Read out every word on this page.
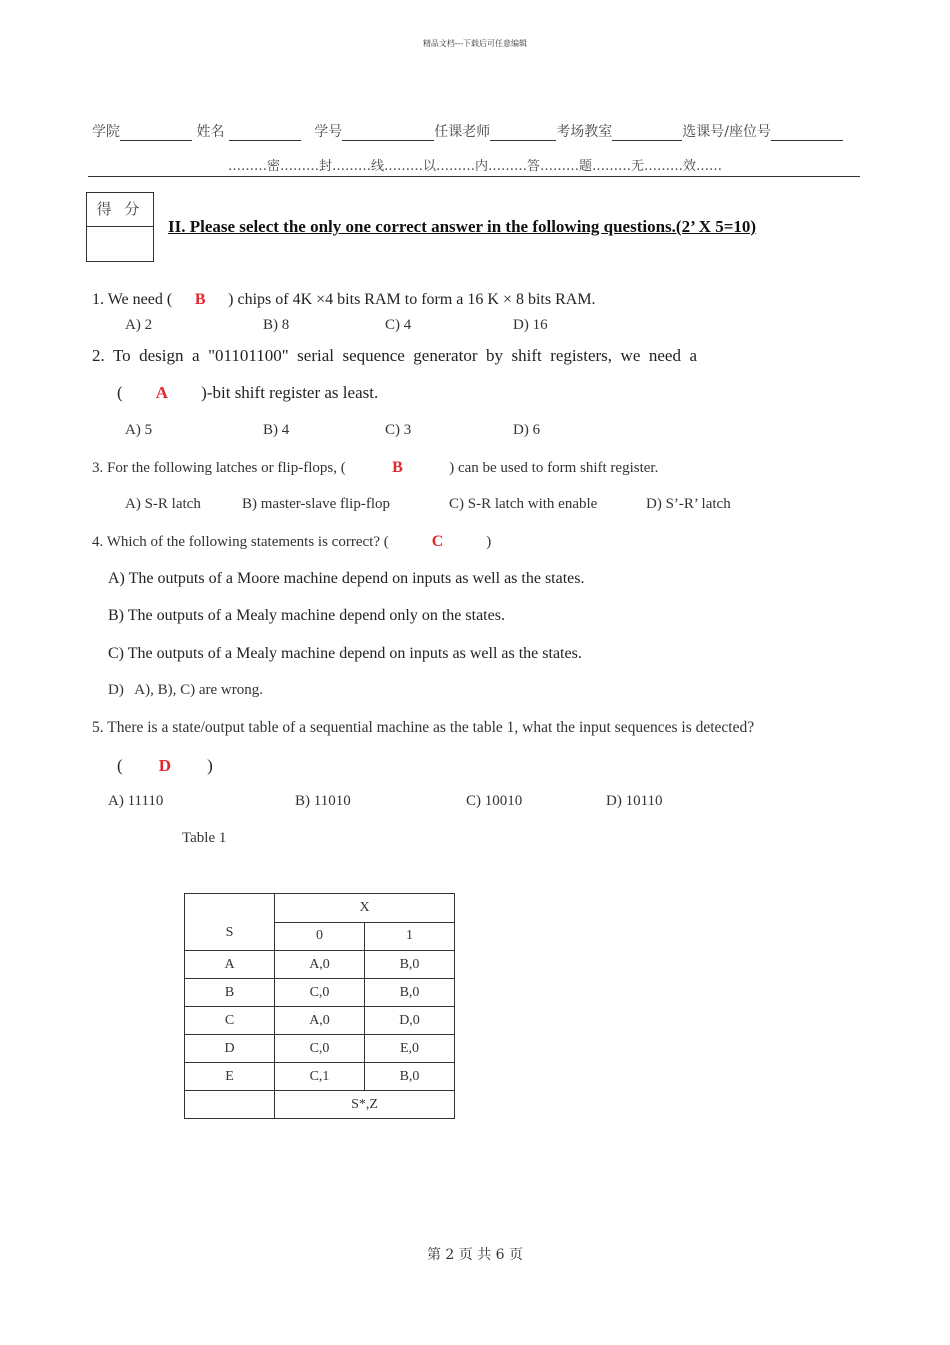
精品文档---下载后可任意编辑
学院	姓名	学号	任课老师	考场教室	选课号/座位号
………密………封………线………以………内………答………题………无………效……
得 分
II. Please select the only one correct answer in the following questions.(2’ X 5=10)
1. We need ( B ) chips of 4K ×4 bits RAM to form a 16 K × 8 bits RAM.
A) 2	B) 8	C) 4	D) 16
2.  To  design  a  "01101100"  serial  sequence  generator  by  shift  registers,  we  need  a
( A )-bit shift register as least.
A) 5	B) 4	C) 3	D) 6
3. For the following latches or flip-flops, (	B	) can be used to form shift register.
A) S-R latch	B) master-slave flip-flop	C) S-R latch with enable	D) S’-R’ latch
4. Which of the following statements is correct? (	C	)
A) The outputs of a Moore machine depend on inputs as well as the states.
B) The outputs of a Mealy machine depend only on the states.
C) The outputs of a Mealy machine depend on inputs as well as the states.
D)   A), B), C) are wrong.
5. There is a state/output table of a sequential machine as the table 1, what the input sequences is detected?
( D )
A) 11110	B) 11010	C) 10010	D) 10110
Table 1
S	X	
	0	1
A	A,0	B,0
B	C,0	B,0
C	A,0	D,0
D	C,0	E,0
E	C,1	B,0
	S*,Z	
第 2 页 共 6 页
